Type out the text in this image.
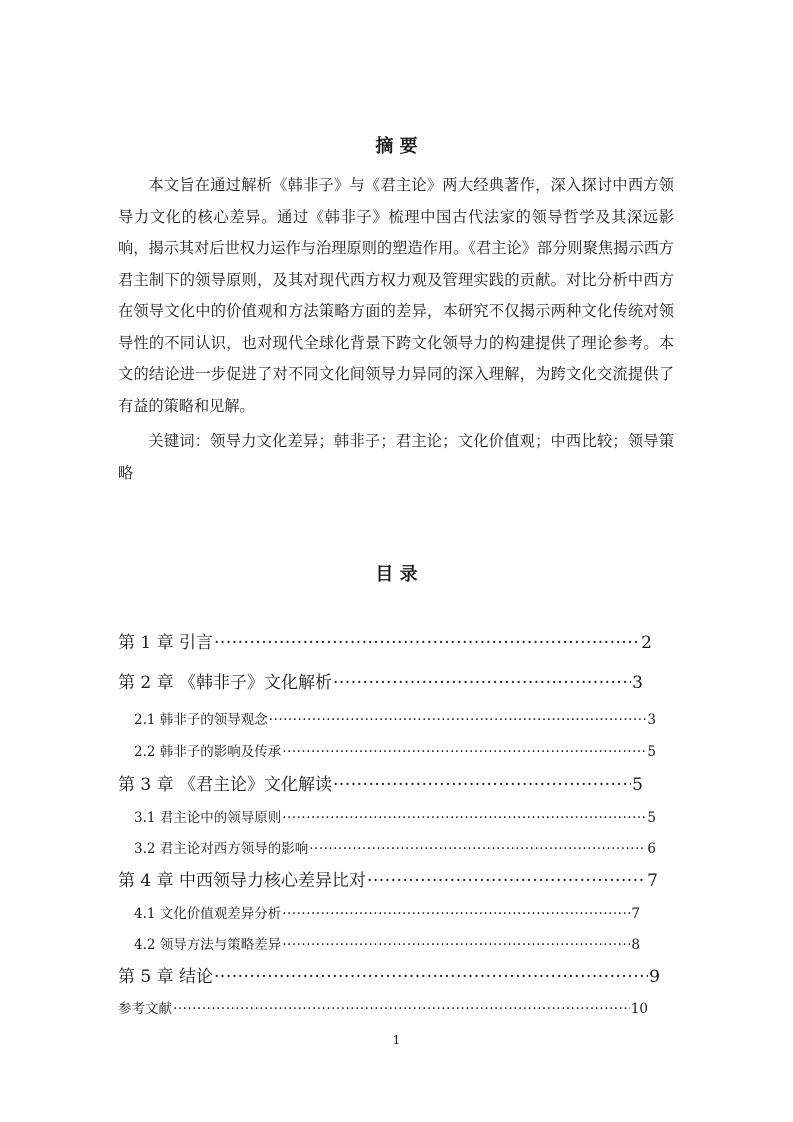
摘 要

本文旨在通过解析《韩非子》与《君主论》两大经典著作，深入探讨中西方领导力文化的核心差异。通过《韩非子》梳理中国古代法家的领导哲学及其深远影响，揭示其对后世权力运作与治理原则的塑造作用。《君主论》部分则聚焦揭示西方君主制下的领导原则，及其对现代西方权力观及管理实践的贡献。对比分析中西方在领导文化中的价值观和方法策略方面的差异，本研究不仅揭示两种文化传统对领导性的不同认识，也对现代全球化背景下跨文化领导力的构建提供了理论参考。本文的结论进一步促进了对不同文化间领导力异同的深入理解，为跨文化交流提供了有益的策略和见解。

关键词：领导力文化差异；韩非子；君主论；文化价值观；中西比较；领导策略

目 录
第 1 章 引言 ·····	2
第 2 章 《韩非子》文化解析 ·····	3
2.1 韩非子的领导观念 ·····	3
2.2 韩非子的影响及传承 ·····	5
第 3 章 《君主论》文化解读 ·····	5
3.1 君主论中的领导原则 ·····	5
3.2 君主论对西方领导的影响 ·····	6
第 4 章 中西领导力核心差异比对 ·····	7
4.1 文化价值观差异分析 ·····	7
4.2 领导方法与策略差异 ·····	8
第 5 章 结论 ·····	9
参考文献 ·····	10
1
